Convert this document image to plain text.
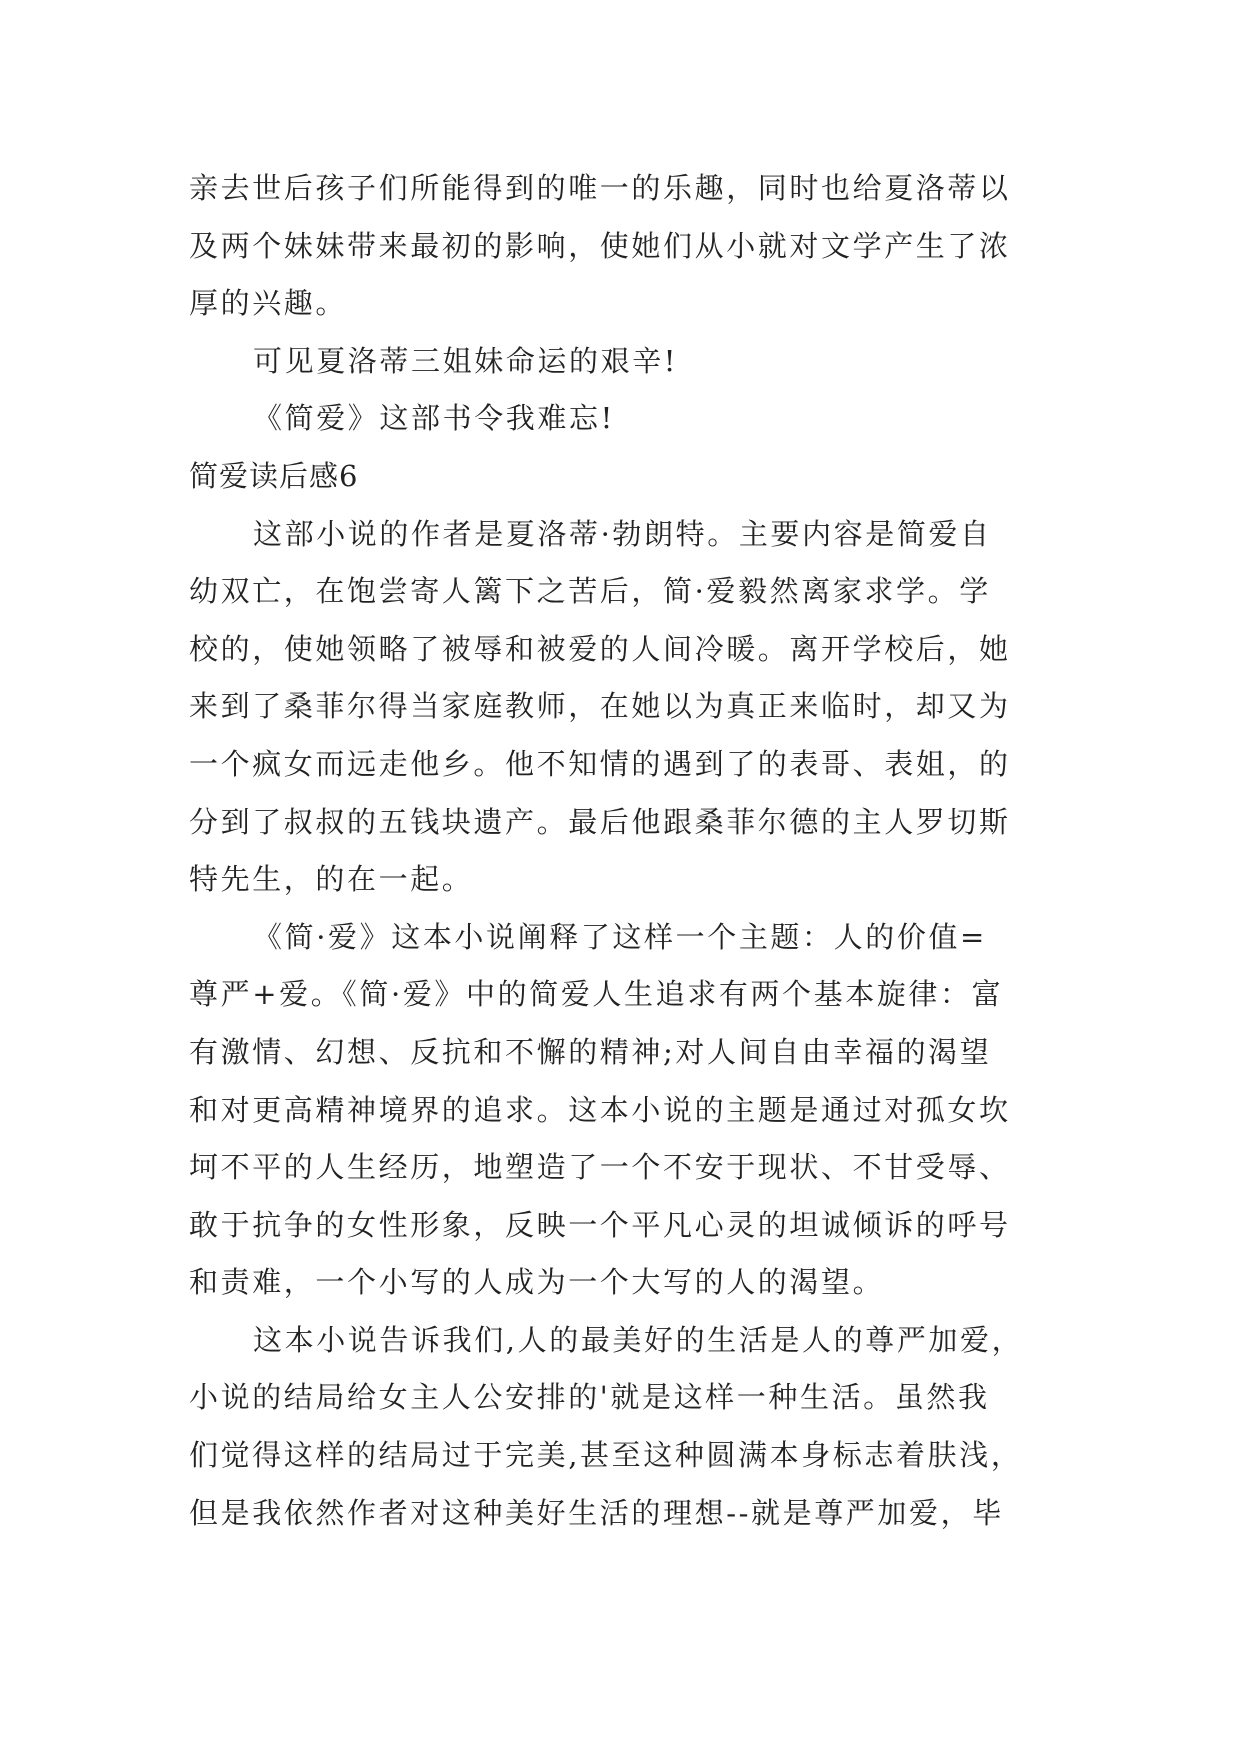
亲去世后孩子们所能得到的唯一的乐趣，同时也给夏洛蒂以
及两个妹妹带来最初的影响，使她们从小就对文学产生了浓
厚的兴趣。
可见夏洛蒂三姐妹命运的艰辛!
《简爱》这部书令我难忘!
简爱读后感6
这部小说的作者是夏洛蒂·勃朗特。主要内容是简爱自
幼双亡，在饱尝寄人篱下之苦后，简·爱毅然离家求学。学
校的，使她领略了被辱和被爱的人间冷暖。离开学校后，她
来到了桑菲尔得当家庭教师，在她以为真正来临时，却又为
一个疯女而远走他乡。他不知情的遇到了的表哥、表姐，的
分到了叔叔的五钱块遗产。最后他跟桑菲尔德的主人罗切斯
特先生，的在一起。
《简·爱》这本小说阐释了这样一个主题：人的价值=
尊严+爱。《简·爱》中的简爱人生追求有两个基本旋律：富
有激情、幻想、反抗和不懈的精神;对人间自由幸福的渴望
和对更高精神境界的追求。这本小说的主题是通过对孤女坎
坷不平的人生经历，地塑造了一个不安于现状、不甘受辱、
敢于抗争的女性形象，反映一个平凡心灵的坦诚倾诉的呼号
和责难，一个小写的人成为一个大写的人的渴望。
这本小说告诉我们,人的最美好的生活是人的尊严加爱，
小说的结局给女主人公安排的'就是这样一种生活。虽然我
们觉得这样的结局过于完美,甚至这种圆满本身标志着肤浅，
但是我依然作者对这种美好生活的理想--就是尊严加爱，毕
